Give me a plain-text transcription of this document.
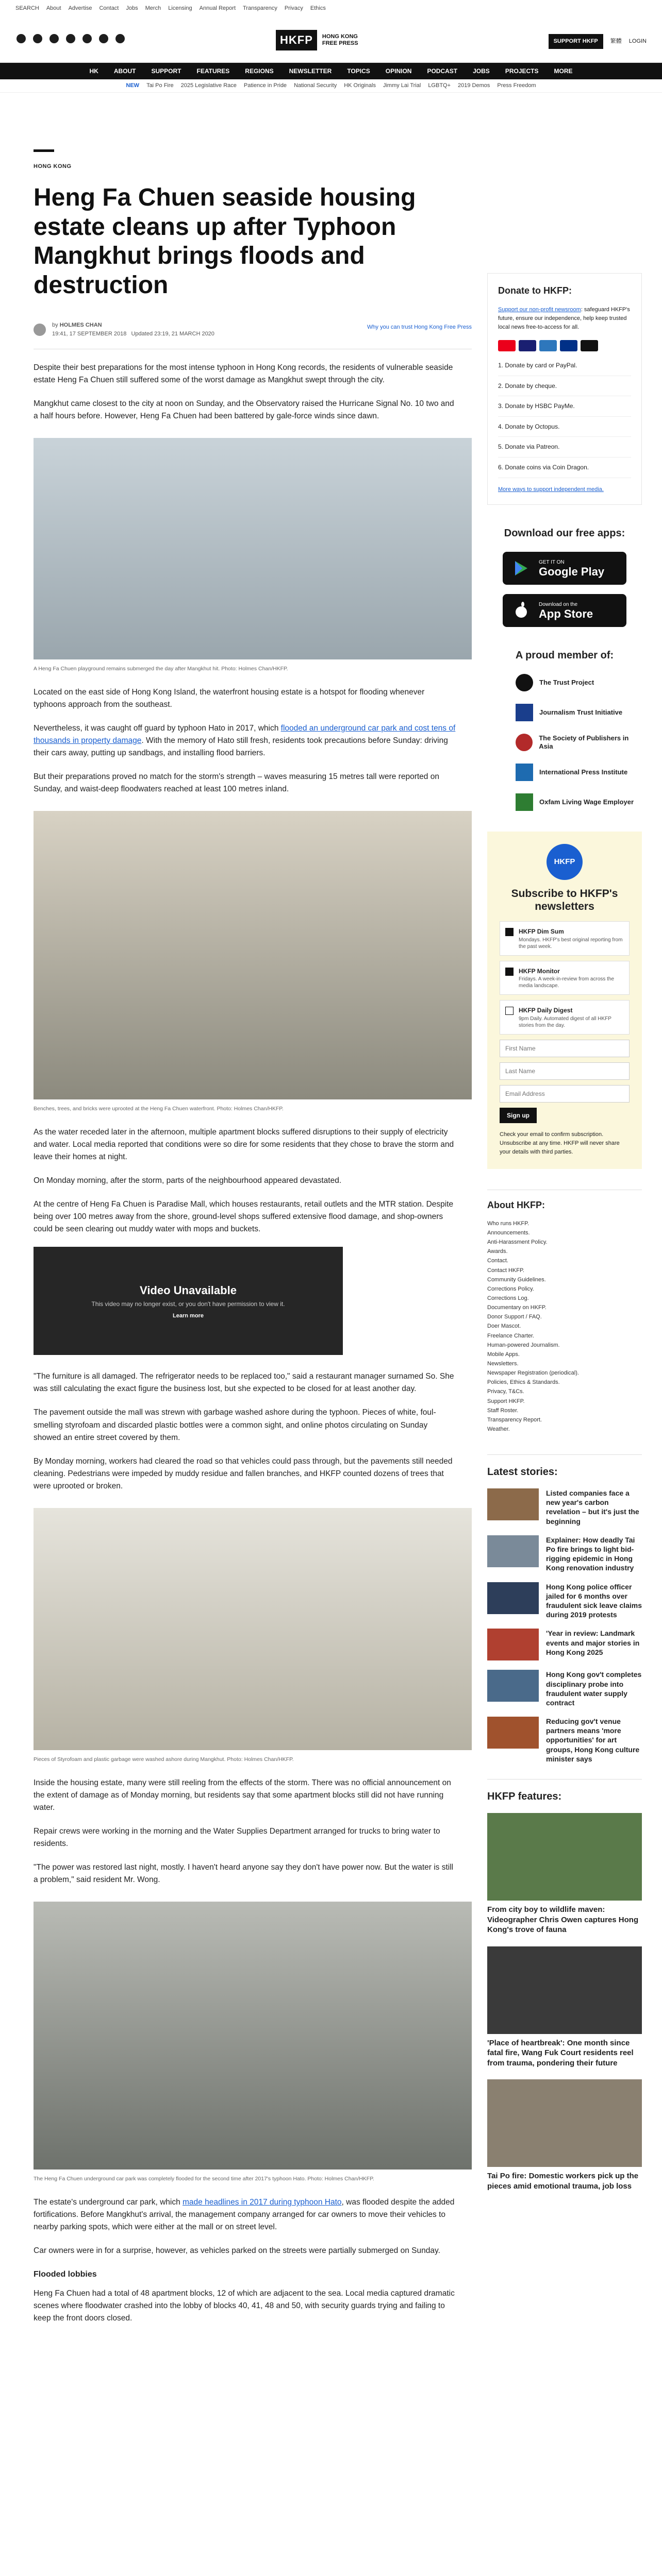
SEARCH About Advertise Contact Jobs Merch Licensing Annual Report Transparency Privacy Ethics
HKFP	HONG KONG
FREE PRESS	SUPPORT HKFP	繁體 LOGIN
HK	ABOUT	SUPPORT	FEATURES	REGIONS	NEWSLETTER	TOPICS	OPINION	PODCAST	JOBS	PROJECTS	MORE
NEW Tai Po Fire 2025 Legislative Race Patience in Pride National Security HK Originals Jimmy Lai Trial LGBTQ+ 2019 Demos Press Freedom
HONG KONG
Heng Fa Chuen seaside housing estate cleans up after Typhoon Mangkhut brings floods and destruction
by HOLMES CHAN
19:41, 17 SEPTEMBER 2018 Updated 23:19, 21 MARCH 2020
Why you can trust Hong Kong Free Press

Despite their best preparations for the most intense typhoon in Hong Kong records, the residents of vulnerable seaside estate Heng Fa Chuen still suffered some of the worst damage as Mangkhut swept through the city.

Mangkhut came closest to the city at noon on Sunday, and the Observatory raised the Hurricane Signal No. 10 two and a half hours before. However, Heng Fa Chuen had been battered by gale-force winds since dawn.

A Heng Fa Chuen playground remains submerged the day after Mangkhut hit. Photo: Holmes Chan/HKFP.

Located on the east side of Hong Kong Island, the waterfront housing estate is a hotspot for flooding whenever typhoons approach from the southeast.

Nevertheless, it was caught off guard by typhoon Hato in 2017, which flooded an underground car park and cost tens of thousands in property damage. With the memory of Hato still fresh, residents took precautions before Sunday: driving their cars away, putting up sandbags, and installing flood barriers.

But their preparations proved no match for the storm's strength – waves measuring 15 metres tall were reported on Sunday, and waist-deep floodwaters reached at least 100 metres inland.

Benches, trees, and bricks were uprooted at the Heng Fa Chuen waterfront. Photo: Holmes Chan/HKFP.

As the water receded later in the afternoon, multiple apartment blocks suffered disruptions to their supply of electricity and water. Local media reported that conditions were so dire for some residents that they chose to brave the storm and leave their homes at night.

On Monday morning, after the storm, parts of the neighbourhood appeared devastated.

At the centre of Heng Fa Chuen is Paradise Mall, which houses restaurants, retail outlets and the MTR station. Despite being over 100 metres away from the shore, ground-level shops suffered extensive flood damage, and shop-owners could be seen clearing out muddy water with mops and buckets.

Video Unavailable
This video may no longer exist, or you don't have permission to view it.
Learn more

"The furniture is all damaged. The refrigerator needs to be replaced too," said a restaurant manager surnamed So. She was still calculating the exact figure the business lost, but she expected to be closed for at least another day.

The pavement outside the mall was strewn with garbage washed ashore during the typhoon. Pieces of white, foul-smelling styrofoam and discarded plastic bottles were a common sight, and online photos circulating on Sunday showed an entire street covered by them.

By Monday morning, workers had cleared the road so that vehicles could pass through, but the pavements still needed cleaning. Pedestrians were impeded by muddy residue and fallen branches, and HKFP counted dozens of trees that were uprooted or broken.

Pieces of Styrofoam and plastic garbage were washed ashore during Mangkhut. Photo: Holmes Chan/HKFP.

Inside the housing estate, many were still reeling from the effects of the storm. There was no official announcement on the extent of damage as of Monday morning, but residents say that some apartment blocks still did not have running water.

Repair crews were working in the morning and the Water Supplies Department arranged for trucks to bring water to residents.

"The power was restored last night, mostly. I haven't heard anyone say they don't have power now. But the water is still a problem," said resident Mr. Wong.

The Heng Fa Chuen underground car park was completely flooded for the second time after 2017's typhoon Hato. Photo: Holmes Chan/HKFP.

The estate's underground car park, which made headlines in 2017 during typhoon Hato, was flooded despite the added fortifications. Before Mangkhut's arrival, the management company arranged for car owners to move their vehicles to nearby parking spots, which were either at the mall or on street level.

Car owners were in for a surprise, however, as vehicles parked on the streets were partially submerged on Sunday.

Flooded lobbies

Heng Fa Chuen had a total of 48 apartment blocks, 12 of which are adjacent to the sea. Local media captured dramatic scenes where floodwater crashed into the lobby of blocks 40, 41, 48 and 50, with security guards trying and failing to keep the front doors closed.

Donate to HKFP:
Support our non-profit newsroom: safeguard HKFP's future, ensure our independence, help keep trusted local news free-to-access for all.
1. Donate by card or PayPal.
2. Donate by cheque.
3. Donate by HSBC PayMe.
4. Donate by Octopus.
5. Donate via Patreon.
6. Donate coins via Coin Dragon.
More ways to support independent media.
Download our free apps:
GET IT ON
Google Play
Download on the
App Store
A proud member of:
The Trust Project
Journalism Trust Initiative
The Society of Publishers in Asia
International Press Institute
Oxfam Living Wage Employer
HKFP
Subscribe to HKFP's newsletters
HKFP Dim Sum
Mondays. HKFP's best original reporting from the past week.
HKFP Monitor
Fridays. A week-in-review from across the media landscape.
HKFP Daily Digest
9pm Daily. Automated digest of all HKFP stories from the day.
First Name Last Name Email Address Sign up
Check your email to confirm subscription. Unsubscribe at any time. HKFP will never share your details with third parties.
About HKFP:
Who runs HKFP.
Announcements.
Anti-Harassment Policy.
Awards.
Contact.
Contact HKFP.
Community Guidelines.
Corrections Policy.
Corrections Log.
Documentary on HKFP.
Donor Support / FAQ.
Doer Mascot.
Freelance Charter.
Human-powered Journalism.
Mobile Apps.
Newsletters.
Newspaper Registration (periodical).
Policies, Ethics & Standards.
Privacy, T&Cs.
Support HKFP.
Staff Roster.
Transparency Report.
Weather.
Latest stories:
Listed companies face a new year's carbon revelation – but it's just the beginning
Explainer: How deadly Tai Po fire brings to light bid-rigging epidemic in Hong Kong renovation industry
Hong Kong police officer jailed for 6 months over fraudulent sick leave claims during 2019 protests
'Year in review: Landmark events and major stories in Hong Kong 2025
Hong Kong gov't completes disciplinary probe into fraudulent water supply contract
Reducing gov't venue partners means 'more opportunities' for art groups, Hong Kong culture minister says
HKFP features:
From city boy to wildlife maven: Videographer Chris Owen captures Hong Kong's trove of fauna
'Place of heartbreak': One month since fatal fire, Wang Fuk Court residents reel from trauma, pondering their future
Tai Po fire: Domestic workers pick up the pieces amid emotional trauma, job loss
